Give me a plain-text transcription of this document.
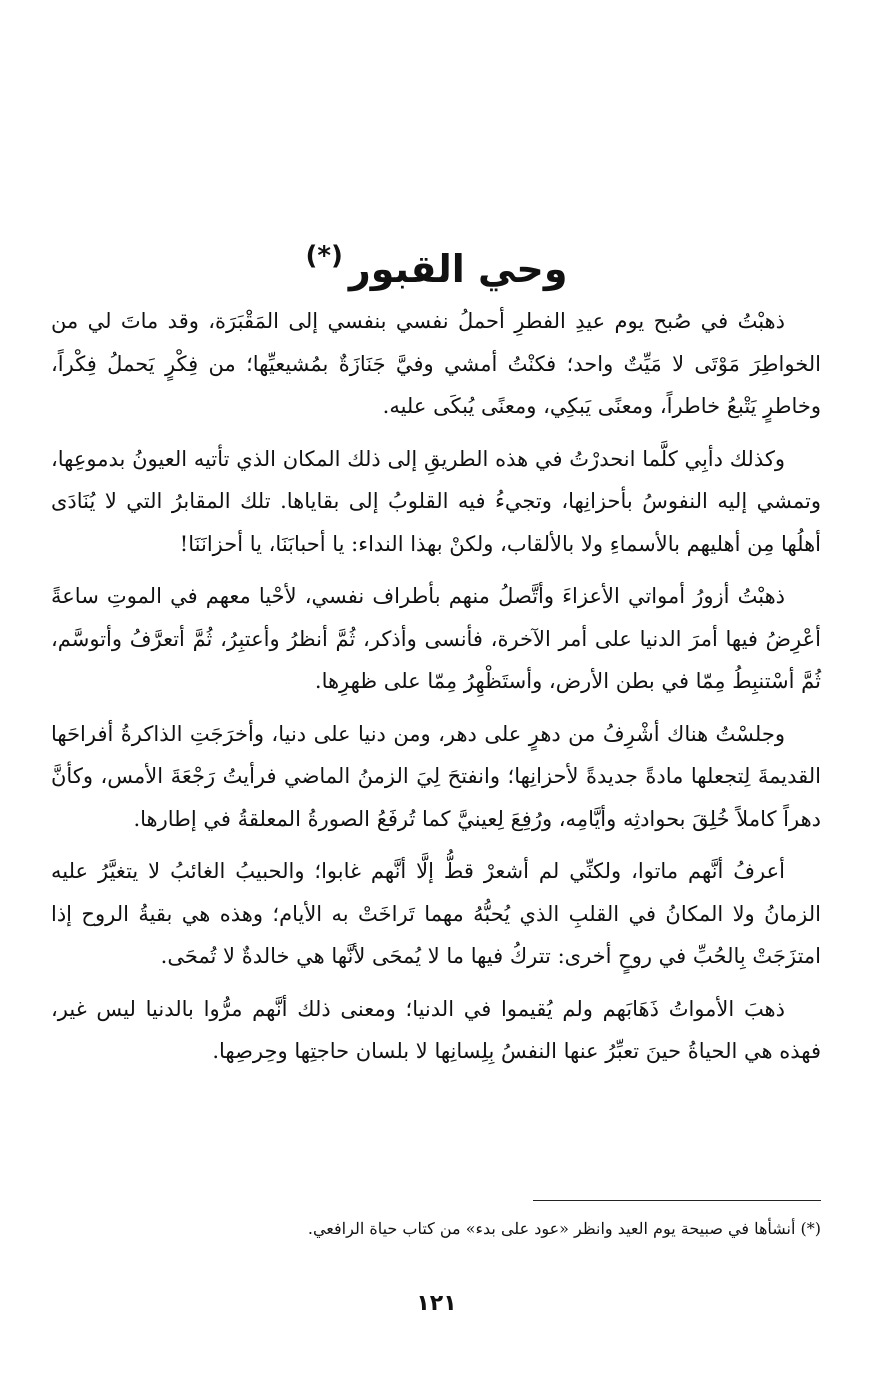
وحي القبور(*)

ذهبْتُ في صُبح يوم عيدِ الفطرِ أحملُ نفسي بنفسي إلى المَقْبَرَة، وقد ماتَ لي من الخواطِرَ مَوْتَى لا مَيِّتٌ واحد؛ فكنْتُ أمشي وفيَّ جَنَازَةٌ بمُشيعيِّها؛ من فِكْرٍ يَحملُ فِكْراً، وخاطرٍ يَتْبعُ خاطراً، ومعنًى يَبكِي، ومعنًى يُبكَى عليه.

وكذلك دأبِي كلَّما انحدرْتُ في هذه الطريقِ إلى ذلك المكان الذي تأتيه العيونُ بدموعِها، وتمشي إليه النفوسُ بأحزانِها، وتجيءُ فيه القلوبُ إلى بقاياها. تلك المقابرُ التي لا يُنَادَى أهلُها مِن أهليهم بالأسماءِ ولا بالألقاب، ولكنْ بهذا النداء: يا أحبابَنَا، يا أحزانَنَا!

ذهبْتُ أزورُ أمواتي الأعزاءَ وأتَّصلُ منهم بأطراف نفسي، لأحْيا معهم في الموتِ ساعةً أعْرِضُ فيها أمرَ الدنيا على أمر الآخرة، فأنسى وأذكر، ثُمَّ أنظرُ وأعتبِرُ، ثُمَّ أتعرَّفُ وأتوسَّم، ثُمَّ أسْتنبِطُ مِمّا في بطن الأرض، وأستَظْهِرُ مِمّا على ظهرِها.

وجلسْتُ هناك أشْرِفُ من دهرٍ على دهر، ومن دنيا على دنيا، وأخرَجَتِ الذاكرةُ أفراحَها القديمةَ لِتجعلها مادةً جديدةً لأحزانِها؛ وانفتحَ لِيَ الزمنُ الماضي فرأيتُ رَجْعَةَ الأمس، وكأنَّ دهراً كاملاً خُلِقَ بحوادثِه وأيَّامِه، ورُفِعَ لِعينيَّ كما تُرفَعُ الصورةُ المعلقةُ في إطارها.

أعرفُ أنَّهم ماتوا، ولكنِّي لم أشعرْ قطُّ إلَّا أنَّهم غابوا؛ والحبيبُ الغائبُ لا يتغيَّرُ عليه الزمانُ ولا المكانُ في القلبِ الذي يُحبُّهُ مهما تَراخَتْ به الأيام؛ وهذه هي بقيةُ الروح إذا امتزَجَتْ بِالحُبِّ في روحٍ أخرى: تتركُ فيها ما لا يُمحَى لأنَّها هي خالدةٌ لا تُمحَى.

ذهبَ الأمواتُ ذَهَابَهم ولم يُقيموا في الدنيا؛ ومعنى ذلك أنَّهم مرُّوا بالدنيا ليس غير، فهذه هي الحياةُ حينَ تعبِّرُ عنها النفسُ بِلِسانِها لا بلسان حاجتِها وحِرصِها.

(*) أنشأها في صبيحة يوم العيد وانظر «عود على بدء» من كتاب حياة الرافعي.
١٢١
